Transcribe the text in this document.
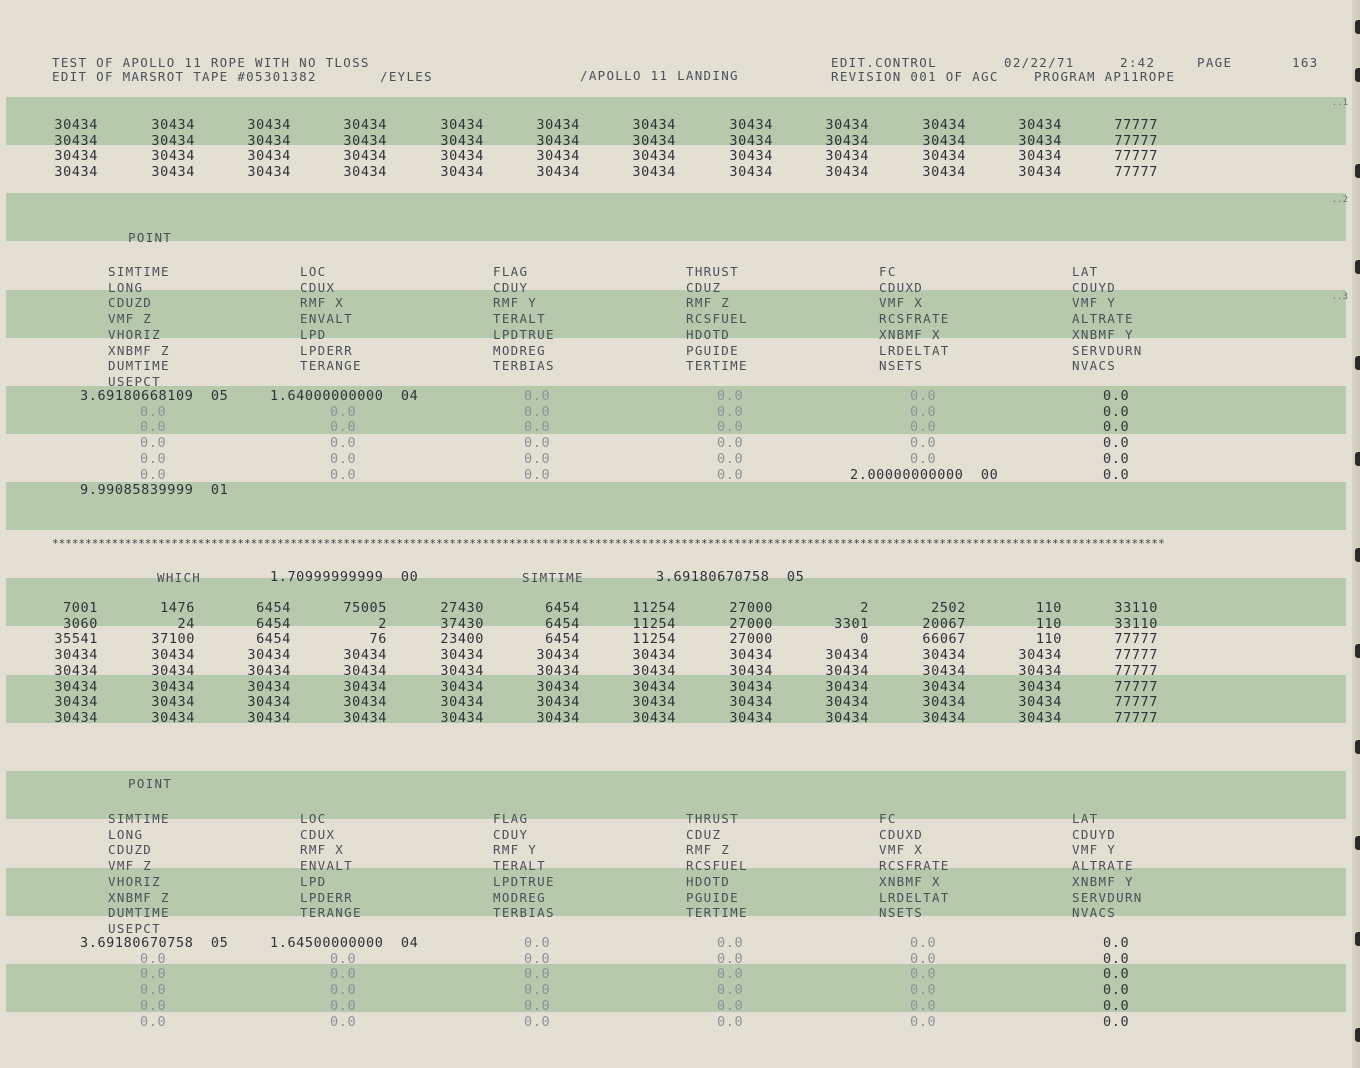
TEST OF APOLLO 11 ROPE WITH NO TLOSS
EDIT OF MARSROT TAPE #05301382	/EYLES	/APOLLO 11 LANDING
EDIT.CONTROL	02/22/71	2:42	PAGE	163
REVISION 001 OF AGC	PROGRAM AP11ROPE
30434	30434	30434	30434	30434	30434	30434	30434	30434	30434	30434	77777
30434	30434	30434	30434	30434	30434	30434	30434	30434	30434	30434	77777
30434	30434	30434	30434	30434	30434	30434	30434	30434	30434	30434	77777
30434	30434	30434	30434	30434	30434	30434	30434	30434	30434	30434	77777
POINT
SIMTIME	LOC	FLAG	THRUST	FC	LAT
LONG	CDUX	CDUY	CDUZ	CDUXD	CDUYD
CDUZD	RMF X	RMF Y	RMF Z	VMF X	VMF Y
VMF Z	ENVALT	TERALT	RCSFUEL	RCSFRATE	ALTRATE
VHORIZ	LPD	LPDTRUE	HDOTD	XNBMF X	XNBMF Y
XNBMF Z	LPDERR	MODREG	PGUIDE	LRDELTAT	SERVDURN
DUMTIME	TERANGE	TERBIAS	TERTIME	NSETS	NVACS
USEPCT
3.69180668109  05	1.64000000000  04	0.0	0.0	0.0	0.0
0.0	0.0	0.0	0.0	0.0	0.0
0.0	0.0	0.0	0.0	0.0	0.0
0.0	0.0	0.0	0.0	0.0	0.0
0.0	0.0	0.0	0.0	0.0	0.0
0.0	0.0	0.0	0.0	2.00000000000  00	0.0
9.99085839999  01
************************************************************************************************************************************************************************
WHICH	1.70999999999  00	SIMTIME	3.69180670758  05
7001	1476	6454	75005	27430	6454	11254	27000	2	2502	110	33110
3060	24	6454	2	37430	6454	11254	27000	3301	20067	110	33110
35541	37100	6454	76	23400	6454	11254	27000	0	66067	110	77777
30434	30434	30434	30434	30434	30434	30434	30434	30434	30434	30434	77777
30434	30434	30434	30434	30434	30434	30434	30434	30434	30434	30434	77777
30434	30434	30434	30434	30434	30434	30434	30434	30434	30434	30434	77777
30434	30434	30434	30434	30434	30434	30434	30434	30434	30434	30434	77777
30434	30434	30434	30434	30434	30434	30434	30434	30434	30434	30434	77777
POINT
SIMTIME	LOC	FLAG	THRUST	FC	LAT
LONG	CDUX	CDUY	CDUZ	CDUXD	CDUYD
CDUZD	RMF X	RMF Y	RMF Z	VMF X	VMF Y
VMF Z	ENVALT	TERALT	RCSFUEL	RCSFRATE	ALTRATE
VHORIZ	LPD	LPDTRUE	HDOTD	XNBMF X	XNBMF Y
XNBMF Z	LPDERR	MODREG	PGUIDE	LRDELTAT	SERVDURN
DUMTIME	TERANGE	TERBIAS	TERTIME	NSETS	NVACS
USEPCT
3.69180670758  05	1.64500000000  04	0.0	0.0	0.0	0.0
0.0	0.0	0.0	0.0	0.0	0.0
0.0	0.0	0.0	0.0	0.0	0.0
0.0	0.0	0.0	0.0	0.0	0.0
0.0	0.0	0.0	0.0	0.0	0.0
0.0	0.0	0.0	0.0	0.0	0.0
..1
..2
..3
